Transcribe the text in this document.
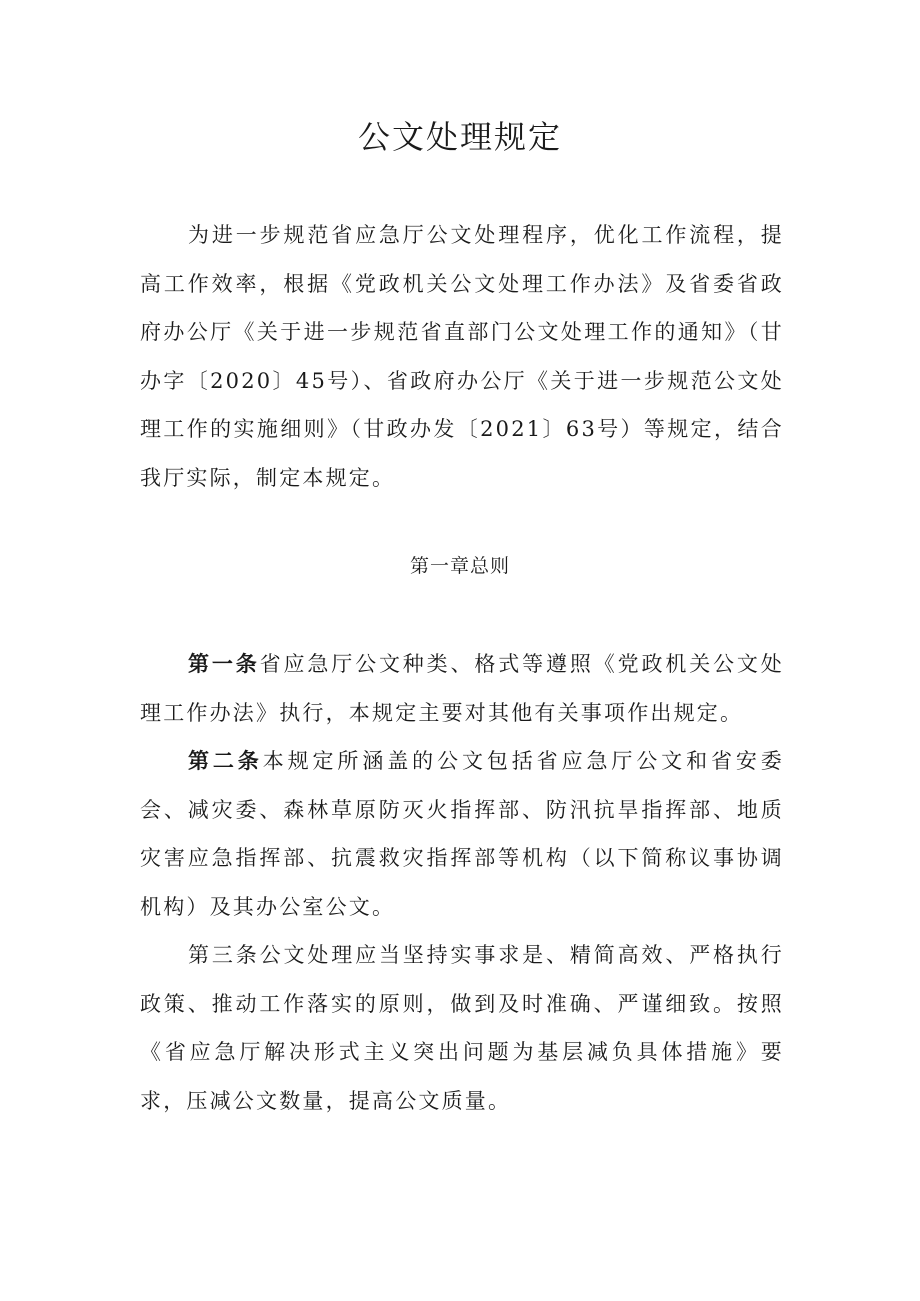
公文处理规定

为进一步规范省应急厅公文处理程序，优化工作流程，提高工作效率，根据《党政机关公文处理工作办法》及省委省政府办公厅《关于进一步规范省直部门公文处理工作的通知》（甘办字〔2020〕45号）、省政府办公厅《关于进一步规范公文处理工作的实施细则》（甘政办发〔2021〕63号）等规定，结合我厅实际，制定本规定。

第一章总则

第一条省应急厅公文种类、格式等遵照《党政机关公文处理工作办法》执行，本规定主要对其他有关事项作出规定。

第二条本规定所涵盖的公文包括省应急厅公文和省安委会、减灾委、森林草原防灭火指挥部、防汛抗旱指挥部、地质灾害应急指挥部、抗震救灾指挥部等机构（以下简称议事协调机构）及其办公室公文。

第三条公文处理应当坚持实事求是、精简高效、严格执行政策、推动工作落实的原则，做到及时准确、严谨细致。按照《省应急厅解决形式主义突出问题为基层减负具体措施》要求，压减公文数量，提高公文质量。
